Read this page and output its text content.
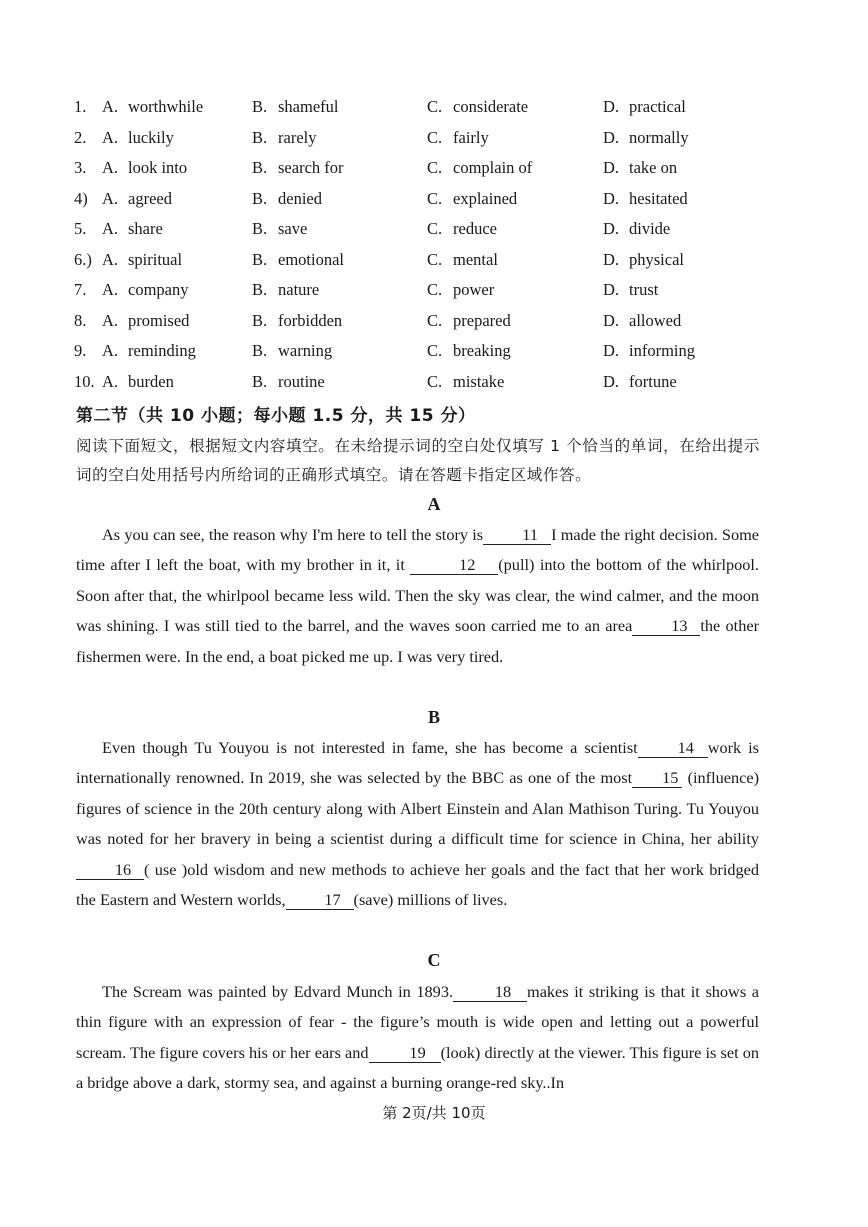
1. A. worthwhile	B. shameful	C. considerate	D. practical
2. A. luckily	B. rarely	C. fairly	D. normally
3. A. look into	B. search for	C. complain of	D. take on
4) A. agreed	B. denied	C. explained	D. hesitated
5. A. share	B. save	C. reduce	D. divide
6.) A. spiritual	B. emotional	C. mental	D. physical
7. A. company	B. nature	C. power	D. trust
8. A. promised	B. forbidden	C. prepared	D. allowed
9. A. reminding	B. warning	C. breaking	D. informing
10. A. burden	B. routine	C. mistake	D. fortune
第二节（共 10 小题；每小题 1.5 分，共 15 分）
阅读下面短文，根据短文内容填空。在未给提示词的空白处仅填写 1 个恰当的单词，在给出提示词的空白处用括号内所给词的正确形式填空。请在答题卡指定区域作答。
A

As you can see, the reason why I'm here to tell the story is 11 I made the right decision. Some time after I left the boat, with my brother in it, it	12 (pull) into the bottom of the whirlpool. Soon after that, the whirlpool became less wild. Then the sky was clear, the wind calmer, and the moon was shining. I was still tied to the barrel, and the waves soon carried me to an area 13 the other fishermen were. In the end, a boat picked me up. I was very tired.

B

Even though Tu Youyou is not interested in fame, she has become a scientist 14 work is internationally renowned. In 2019, she was selected by the BBC as one of the most 15 (influence) figures of science in the 20th century along with Albert Einstein and Alan Mathison Turing. Tu Youyou was noted for her bravery in being a scientist during a difficult time for science in China, her ability16 ( use )old wisdom and new methods to achieve her goals and the fact that her work bridged the Eastern and Western worlds, 17 (save) millions of lives.

C

The Scream was painted by Edvard Munch in 1893.	18 makes it striking is that it shows a thin figure with an expression of fear - the figure’s mouth is wide open and letting out a powerful scream. The figure covers his or her ears and	19 (look) directly at the viewer. This figure is set on a bridge above a dark, stormy sea, and against a burning orange-red sky..In

第 2页/共 10页
